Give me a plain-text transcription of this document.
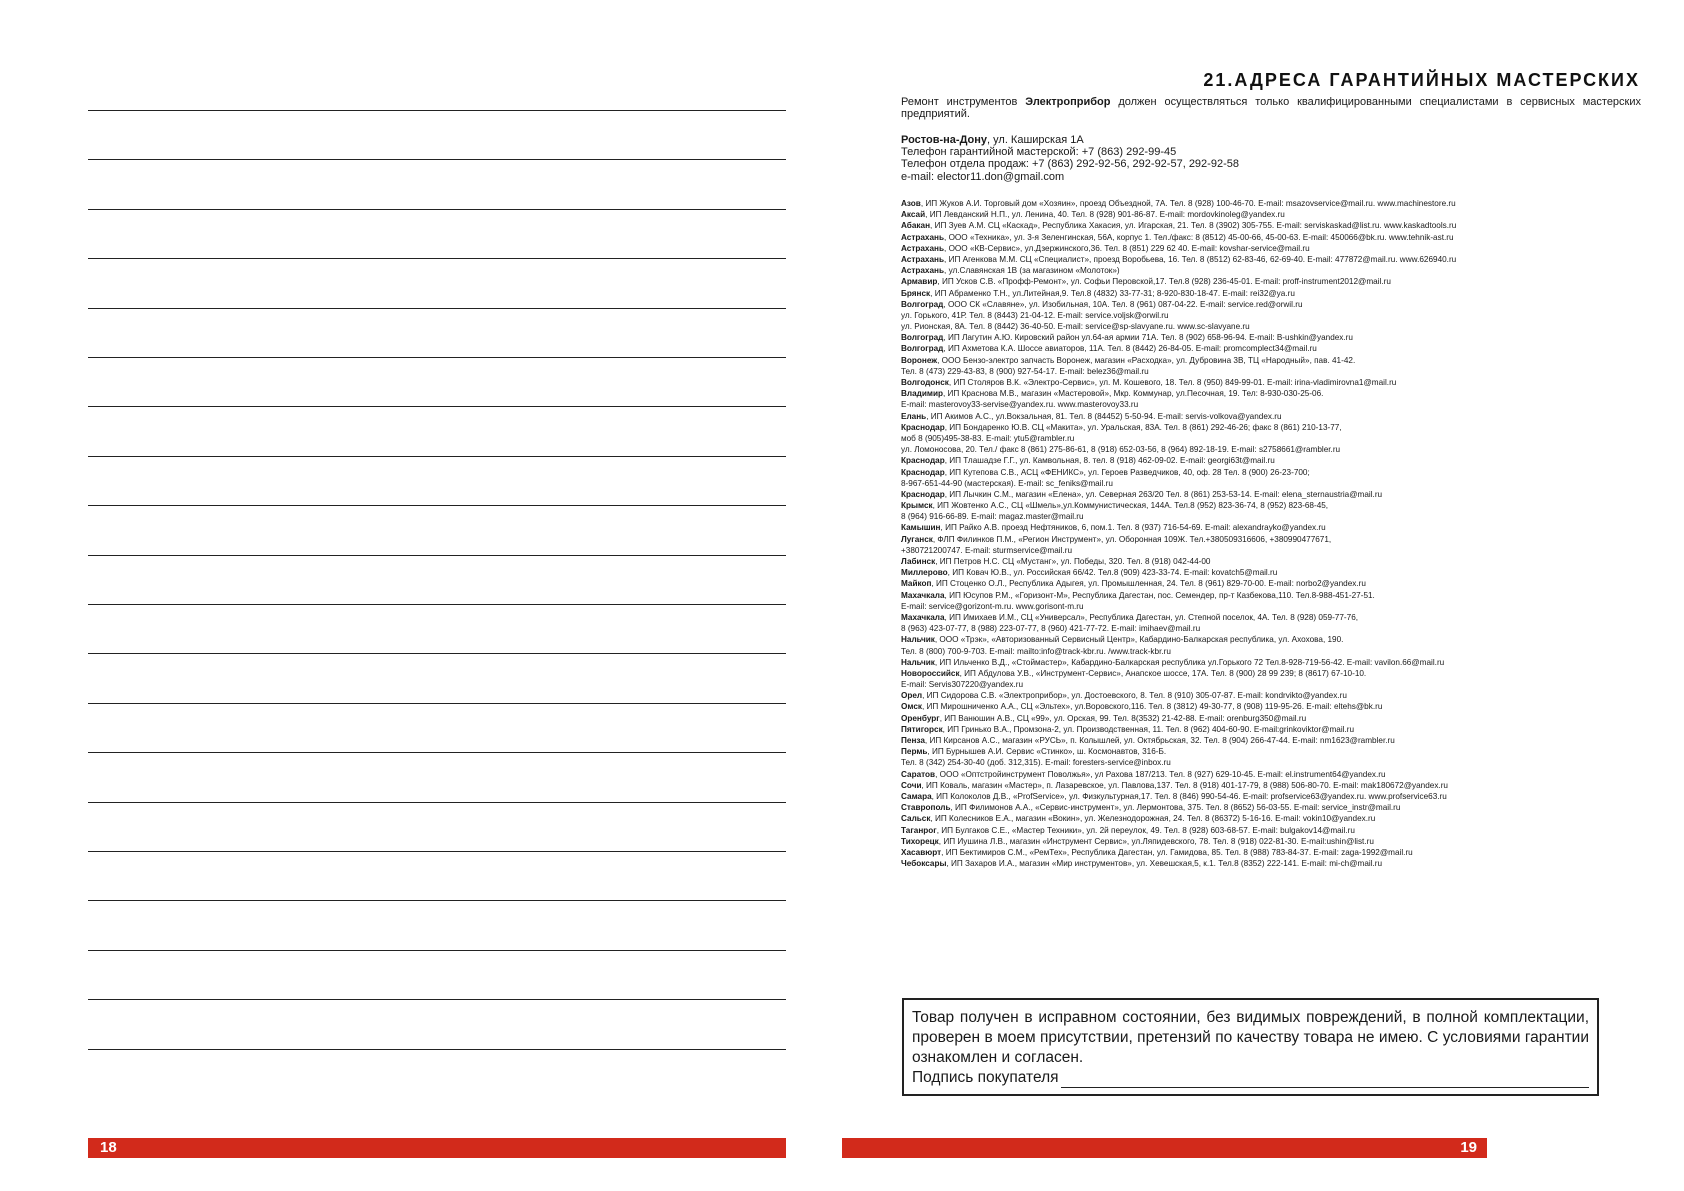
18
21.АДРЕСА ГАРАНТИЙНЫХ МАСТЕРСКИХ
Ремонт инструментов Электроприбор должен осуществляться только квалифицированными специалистами в сервисных мастерских предприятий.
Ростов-на-Дону, ул. Каширская 1А
Телефон гарантийной мастерской: +7 (863) 292-99-45
Телефон отдела продаж: +7 (863) 292-92-56, 292-92-57, 292-92-58
e-mail: elector11.don@gmail.com
Азов, ИП Жуков А.И. Торговый дом «Хозяин», проезд Объездной, 7А. Тел. 8 (928) 100-46-70. E-mail: msazovservice@mail.ru. www.machinestore.ru
Аксай, ИП Левданский Н.П., ул. Ленина, 40. Тел. 8 (928) 901-86-87. E-mail: mordovkinoleg@yandex.ru
Абакан, ИП Зуев А.М. СЦ «Каскад», Республика Хакасия, ул. Игарская, 21. Тел. 8 (3902) 305-755. E-mail: serviskaskad@list.ru. www.kaskadtools.ru
Астрахань, ООО «Техника», ул. 3-я Зеленгинская, 56А, корпус 1. Тел./факс: 8 (8512) 45-00-66, 45-00-63. E-mail: 450066@bk.ru. www.tehnik-ast.ru
Астрахань, ООО «КВ-Сервис», ул.Дзержинского,36. Тел. 8 (851) 229 62 40. E-mail: kovshar-service@mail.ru
Астрахань, ИП Агенкова М.М. СЦ «Специалист», проезд Воробьева, 16. Тел. 8 (8512) 62-83-46, 62-69-40. E-mail: 477872@mail.ru. www.626940.ru
Астрахань, ул.Славянская 1В (за магазином «Молоток»)
Армавир, ИП Усков С.В. «Профф-Ремонт», ул. Софьи Перовской,17. Тел.8 (928) 236-45-01. E-mail: proff-instrument2012@mail.ru
Брянск, ИП Абраменко Т.Н., ул.Литейная,9. Тел.8 (4832) 33-77-31; 8-920-830-18-47. E-mail: rei32@ya.ru
Волгоград, ООО СК «Славяне», ул. Изобильная, 10А. Тел. 8 (961) 087-04-22. E-mail: service.red@orwil.ru
ул. Горького, 41Р. Тел. 8 (8443) 21-04-12. E-mail: service.voljsk@orwil.ru
ул. Рионская, 8А. Тел. 8 (8442) 36-40-50. E-mail: service@sp-slavyane.ru. www.sc-slavyane.ru
Волгоград, ИП Лагутин А.Ю. Кировский район ул.64-ая армии 71А. Тел. 8 (902) 658-96-94. E-mail: B-ushkin@yandex.ru
Волгоград, ИП Ахметова К.А. Шоссе авиаторов, 11А. Тел. 8 (8442) 26-84-05. E-mail: promcomplect34@mail.ru
Воронеж, ООО Бензо-электро запчасть Воронеж, магазин «Расходка», ул. Дубровина 3В, ТЦ «Народный», пав. 41-42.
Тел. 8 (473) 229-43-83, 8 (900) 927-54-17. E-mail: belez36@mail.ru
Волгодонск, ИП Столяров В.К. «Электро-Сервис», ул. М. Кошевого, 18. Тел. 8 (950) 849-99-01. E-mail: irina-vladimirovna1@mail.ru
Владимир, ИП Краснова М.В., магазин «Мастеровой», Мкр. Коммунар, ул.Песочная, 19. Тел: 8-930-030-25-06.
E-mail: masterovoy33-servise@yandex.ru. www.masterovoy33.ru
Елань, ИП Акимов А.С., ул.Вокзальная, 81. Тел. 8 (84452) 5-50-94. E-mail: servis-volkova@yandex.ru
Краснодар, ИП Бондаренко Ю.В. СЦ «Макита», ул. Уральская, 83А. Тел. 8 (861) 292-46-26; факс 8 (861) 210-13-77,
моб 8 (905)495-38-83. E-mail: ytu5@rambler.ru
ул. Ломоносова, 20. Тел./ факс 8 (861) 275-86-61, 8 (918) 652-03-56, 8 (964) 892-18-19. E-mail: s2758661@rambler.ru
Краснодар, ИП Тлашадзе Г.Г., ул. Камвольная, 8. тел. 8 (918) 462-09-02. E-mail: georgi63t@mail.ru
Краснодар, ИП Кутепова С.В., АСЦ «ФЕНИКС», ул. Героев Разведчиков, 40, оф. 28 Тел. 8 (900) 26-23-700;
8-967-651-44-90 (мастерская). E-mail: sc_feniks@mail.ru
Краснодар, ИП Лычкин С.М., магазин «Елена», ул. Северная 263/20 Тел. 8 (861) 253-53-14. E-mail: elena_sternaustria@mail.ru
Крымск, ИП Жовтенко А.С., СЦ «Шмель»,ул.Коммунистическая, 144А. Тел.8 (952) 823-36-74, 8 (952) 823-68-45,
8 (964) 916-66-89. E-mail: magaz.master@mail.ru
Камышин, ИП Райко А.В. проезд Нефтяников, 6, пом.1. Тел. 8 (937) 716-54-69. E-mail: alexandrayko@yandex.ru
Луганск, ФЛП Филинков П.М., «Регион Инструмент», ул. Оборонная 109Ж. Тел.+380509316606, +380990477671,
+380721200747. E-mail: sturmservice@mail.ru
Лабинск, ИП Петров Н.С. СЦ «Мустанг», ул. Победы, 320. Тел. 8 (918) 042-44-00
Миллерово, ИП Ковач Ю.В., ул. Российская 66/42. Тел.8 (909) 423-33-74. E-mail: kovatch5@mail.ru
Майкоп, ИП Стоценко О.Л., Республика Адыгея, ул. Промышленная, 24. Тел. 8 (961) 829-70-00. E-mail: norbo2@yandex.ru
Махачкала, ИП Юсупов Р.М., «Горизонт-М», Республика Дагестан, пос. Семендер, пр-т Казбекова,110. Тел.8-988-451-27-51.
E-mail: service@gorizont-m.ru. www.gorisont-m.ru
Махачкала, ИП Имихаев И.М., СЦ «Универсал», Республика Дагестан, ул. Степной поселок, 4А. Тел. 8 (928) 059-77-76,
8 (963) 423-07-77, 8 (988) 223-07-77, 8 (960) 421-77-72. E-mail: imihaev@mail.ru
Нальчик, ООО «Трэк», «Авторизованный Сервисный Центр», Кабардино-Балкарская республика, ул. Ахохова, 190.
Тел. 8 (800) 700-9-703. E-mail: mailto:info@track-kbr.ru. /www.track-kbr.ru
Нальчик, ИП Ильченко В.Д., «Стоймастер», Кабардино-Балкарская республика ул.Горького 72 Тел.8-928-719-56-42. E-mail: vavilon.66@mail.ru
Новороссийск, ИП Абдулова У.В., «Инструмент-Сервис», Анапское шоссе, 17А. Тел. 8 (900) 28 99 239; 8 (8617) 67-10-10.
E-mail: Servis307220@yandex.ru
Орел, ИП Сидорова С.В. «Электроприбор», ул. Достоевского, 8. Тел. 8 (910) 305-07-87. E-mail: kondrvikto@yandex.ru
Омск, ИП Мирошниченко А.А., СЦ «Эльтех», ул.Воровского,116. Тел. 8 (3812) 49-30-77, 8 (908) 119-95-26. E-mail: eltehs@bk.ru
Оренбург, ИП Ванюшин А.В., СЦ «99», ул. Орская, 99. Тел. 8(3532) 21-42-88. E-mail: orenburg350@mail.ru
Пятигорск, ИП Гринько В.А., Промзона-2, ул. Производственная, 11. Тел. 8 (962) 404-60-90. E-mail:grinkoviktor@mail.ru
Пенза, ИП Кирсанов А.С., магазин «РУСЬ», п. Колышлей, ул. Октябрьская, 32. Тел. 8 (904) 266-47-44. E-mail: nm1623@rambler.ru
Пермь, ИП Бурнышев А.И. Сервис «Стинко», ш. Космонавтов, 316-Б.
Тел. 8 (342) 254-30-40 (доб. 312,315). E-mail: foresters-service@inbox.ru
Саратов, ООО «Оптстройинструмент Поволжья», ул Рахова 187/213. Тел. 8 (927) 629-10-45. E-mail: el.instrument64@yandex.ru
Сочи, ИП Коваль, магазин «Мастер», п. Лазаревское, ул. Павлова,137. Тел. 8 (918) 401-17-79, 8 (988) 506-80-70. E-mail: mak180672@yandex.ru
Самара, ИП Колоколов Д.В., «ProfService», ул. Физкультурная,17. Тел. 8 (846) 990-54-46. E-mail: profservice63@yandex.ru. www.profservice63.ru
Ставрополь, ИП Филимонов А.А., «Сервис-инструмент», ул. Лермонтова, 375. Тел. 8 (8652) 56-03-55. E-mail: service_instr@mail.ru
Сальск, ИП Колесников Е.А., магазин «Вокин», ул. Железнодорожная, 24. Тел. 8 (86372) 5-16-16. E-mail: vokin10@yandex.ru
Таганрог, ИП Булгаков С.Е., «Мастер Техники», ул. 2й переулок, 49. Тел. 8 (928) 603-68-57. E-mail: bulgakov14@mail.ru
Тихорецк, ИП Иушина Л.В., магазин «Инструмент Сервис», ул.Ляпидевского, 78. Тел. 8 (918) 022-81-30. E-mail:ushin@list.ru
Хасавюрт, ИП Бектимиров С.М., «РемТех», Республика Дагестан, ул. Гамидова, 85. Тел. 8 (988) 783-84-37. E-mail: zaga-1992@mail.ru
Чебоксары, ИП Захаров И.А., магазин «Мир инструментов», ул. Хевешская,5, к.1. Тел.8 (8352) 222-141. E-mail: mi-ch@mail.ru
Товар получен в исправном состоянии, без видимых повреждений, в полной комплектации, проверен в моем присутствии, претензий по качеству товара не имею. С условиями гарантии ознакомлен и согласен.
Подпись покупателя
19
